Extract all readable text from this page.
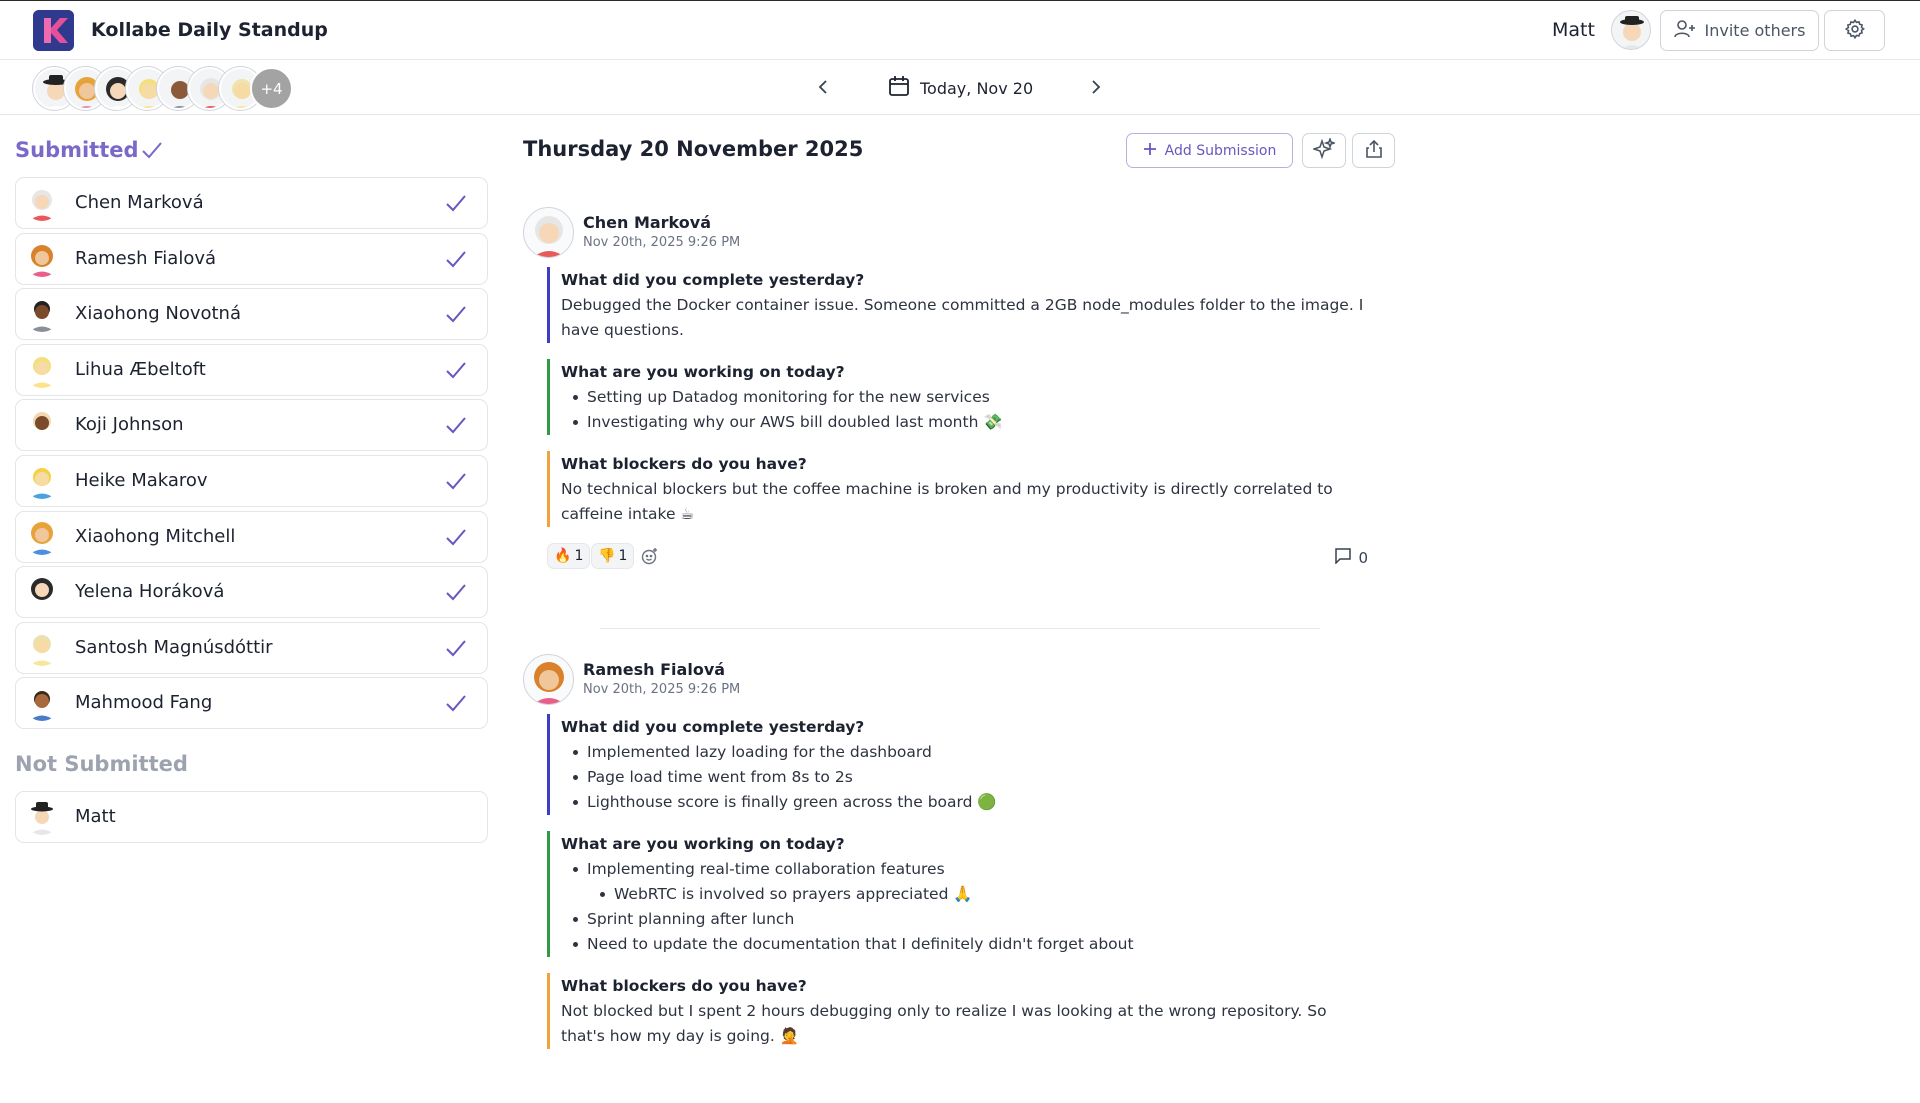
Kollabe Daily Standup	Matt	Invite others
+4	Today, Nov 20
Submitted
Chen Marková
Ramesh Fialová
Xiaohong Novotná
Lihua Æbeltoft
Koji Johnson
Heike Makarov
Xiaohong Mitchell
Yelena Horáková
Santosh Magnúsdóttir
Mahmood Fang
Not Submitted
Matt
Thursday 20 November 2025	Add Submission
Chen Marková
Nov 20th, 2025 9:26 PM
What did you complete yesterday?
Debugged the Docker container issue. Someone committed a 2GB node_modules folder to the image. I have questions.
What are you working on today?
Setting up Datadog monitoring for the new services
Investigating why our AWS bill doubled last month 💸
What blockers do you have?
No technical blockers but the coffee machine is broken and my productivity is directly correlated to caffeine intake ☕
🔥 1 👎 1	0
Ramesh Fialová
Nov 20th, 2025 9:26 PM
What did you complete yesterday?
Implemented lazy loading for the dashboard
Page load time went from 8s to 2s
Lighthouse score is finally green across the board 🟢
What are you working on today?
Implementing real-time collaboration features
WebRTC is involved so prayers appreciated 🙏
Sprint planning after lunch
Need to update the documentation that I definitely didn't forget about
What blockers do you have?
Not blocked but I spent 2 hours debugging only to realize I was looking at the wrong repository. So that's how my day is going. 🤦
